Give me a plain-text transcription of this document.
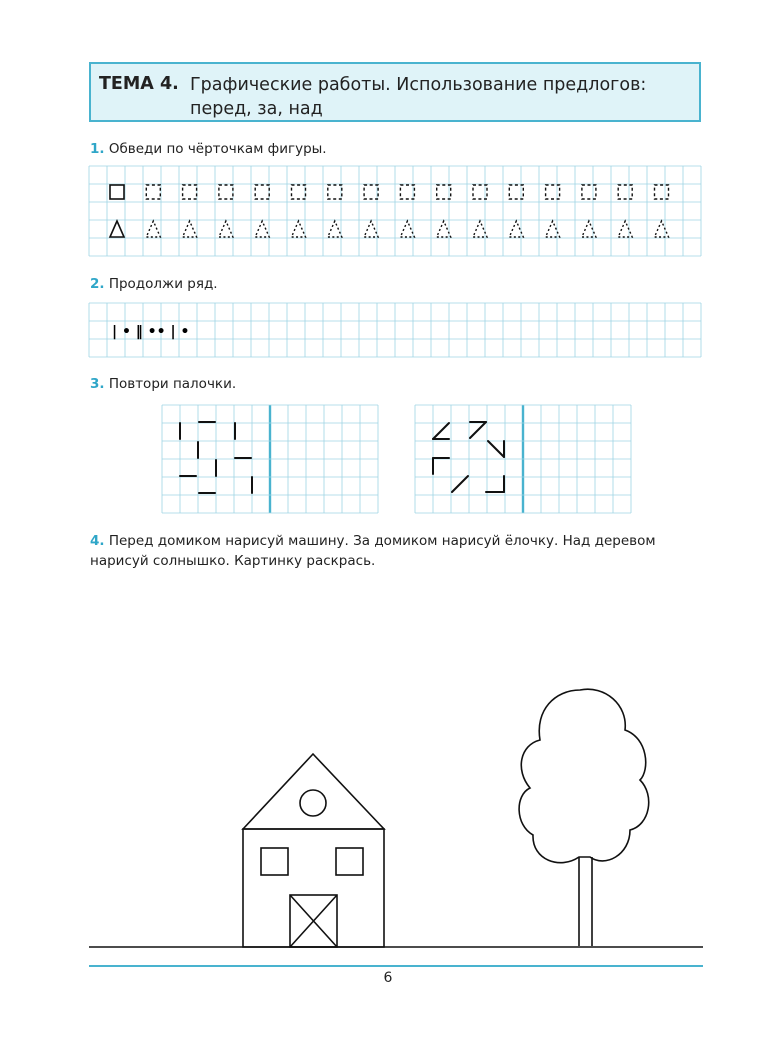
ТЕМА 4. Графические работы. Использование предлогов: перед, за, над
1. Обведи по чёрточкам фигуры.
2. Продолжи ряд.
3. Повтори палочки.
4. Перед домиком нарисуй машину. За домиком нарисуй ёлочку. Над деревом нарисуй солнышко. Картинку раскрась.
| • ‖ •• | •
6
